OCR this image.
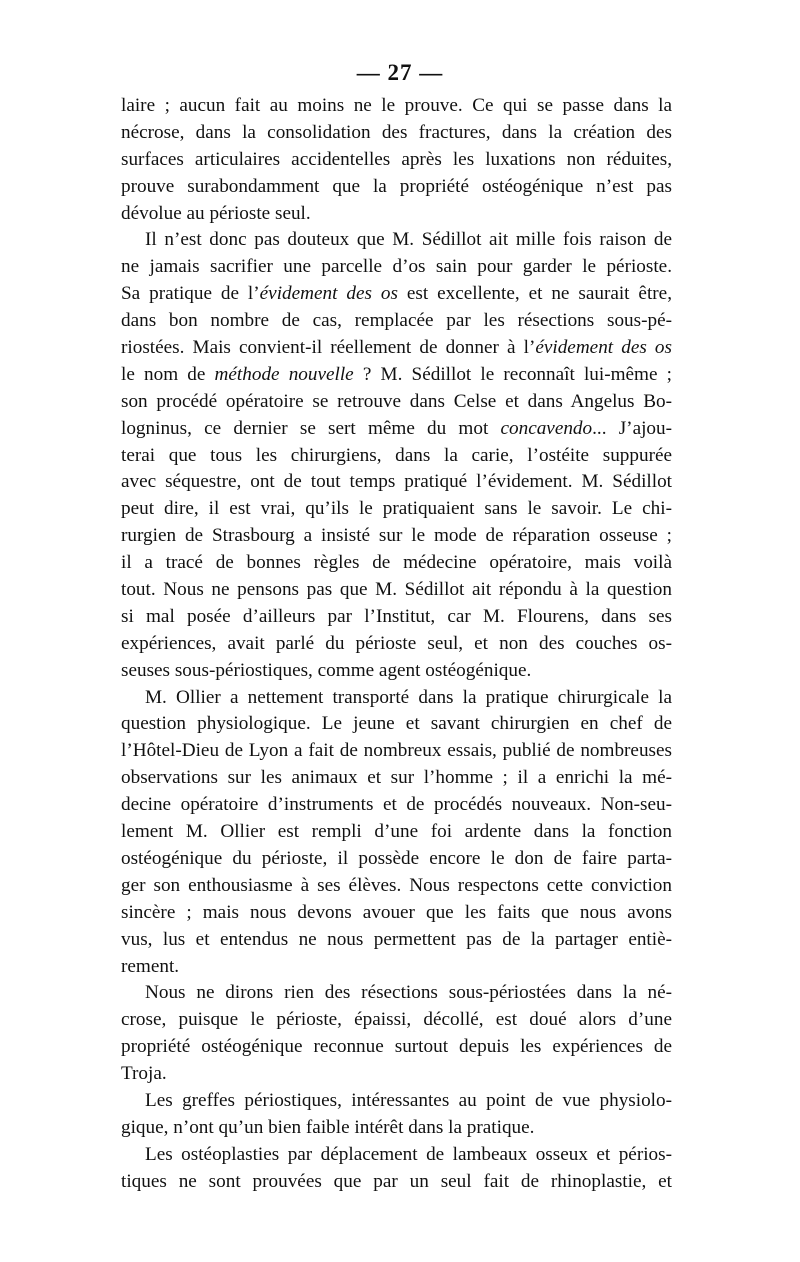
— 27 —
laire ; aucun fait au moins ne le prouve. Ce qui se passe dans la
nécrose, dans la consolidation des fractures, dans la création des
surfaces articulaires accidentelles après les luxations non réduites,
prouve surabondamment que la propriété ostéogénique n’est pas
dévolue au périoste seul.
Il n’est donc pas douteux que M. Sédillot ait mille fois raison de
ne jamais sacrifier une parcelle d’os sain pour garder le périoste.
Sa pratique de l’évidement des os est excellente, et ne saurait être,
dans bon nombre de cas, remplacée par les résections sous-pé-
riostées. Mais convient-il réellement de donner à l’évidement des os
le nom de méthode nouvelle ? M. Sédillot le reconnaît lui-même ;
son procédé opératoire se retrouve dans Celse et dans Angelus Bo-
logninus, ce dernier se sert même du mot concavendo... J’ajou-
terai que tous les chirurgiens, dans la carie, l’ostéite suppurée
avec séquestre, ont de tout temps pratiqué l’évidement. M. Sédillot
peut dire, il est vrai, qu’ils le pratiquaient sans le savoir. Le chi-
rurgien de Strasbourg a insisté sur le mode de réparation osseuse ;
il a tracé de bonnes règles de médecine opératoire, mais voilà
tout. Nous ne pensons pas que M. Sédillot ait répondu à la question
si mal posée d’ailleurs par l’Institut, car M. Flourens, dans ses
expériences, avait parlé du périoste seul, et non des couches os-
seuses sous-périostiques, comme agent ostéogénique.
M. Ollier a nettement transporté dans la pratique chirurgicale la
question physiologique. Le jeune et savant chirurgien en chef de
l’Hôtel-Dieu de Lyon a fait de nombreux essais, publié de nombreuses
observations sur les animaux et sur l’homme ; il a enrichi la mé-
decine opératoire d’instruments et de procédés nouveaux. Non-seu-
lement M. Ollier est rempli d’une foi ardente dans la fonction
ostéogénique du périoste, il possède encore le don de faire parta-
ger son enthousiasme à ses élèves. Nous respectons cette conviction
sincère ; mais nous devons avouer que les faits que nous avons
vus, lus et entendus ne nous permettent pas de la partager entiè-
rement.
Nous ne dirons rien des résections sous-périostées dans la né-
crose, puisque le périoste, épaissi, décollé, est doué alors d’une
propriété ostéogénique reconnue surtout depuis les expériences de
Troja.
Les greffes périostiques, intéressantes au point de vue physiolo-
gique, n’ont qu’un bien faible intérêt dans la pratique.
Les ostéoplasties par déplacement de lambeaux osseux et périos-
tiques ne sont prouvées que par un seul fait de rhinoplastie, et
